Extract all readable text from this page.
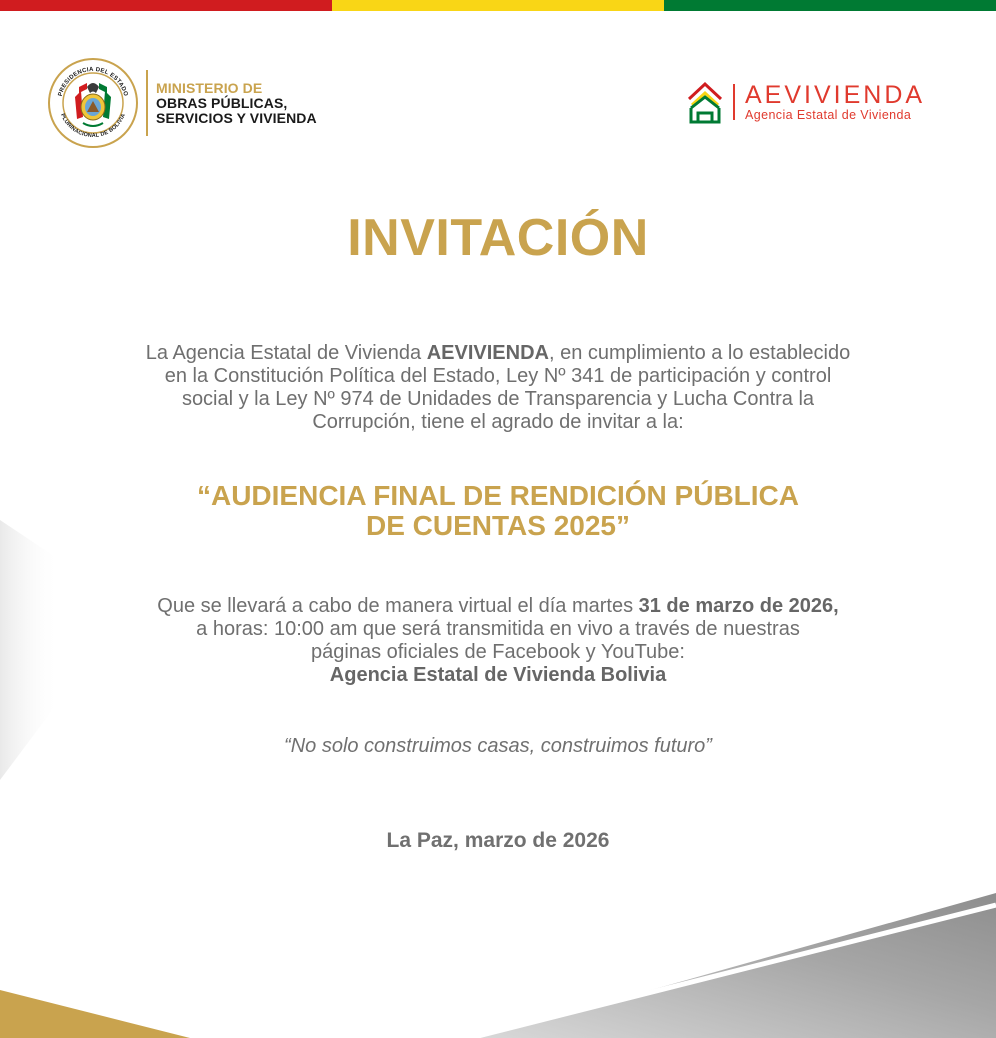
PRESIDENCIA DEL ESTADO
PLURINACIONAL DE BOLIVIA
MINISTERIO DE
OBRAS PÚBLICAS,
SERVICIOS Y VIVIENDA
AEVIVIENDA
Agencia Estatal de Vivienda
INVITACIÓN
La Agencia Estatal de Vivienda AEVIVIENDA, en cumplimiento a lo establecido
en la Constitución Política del Estado, Ley Nº 341 de participación y control
social y la Ley Nº 974 de Unidades de Transparencia y Lucha Contra la
Corrupción, tiene el agrado de invitar a la:
“AUDIENCIA FINAL DE RENDICIÓN PÚBLICA
DE CUENTAS 2025”
Que se llevará a cabo de manera virtual el día martes 31 de marzo de 2026,
a horas: 10:00 am que será transmitida en vivo a través de nuestras
páginas oficiales de Facebook y YouTube:
Agencia Estatal de Vivienda Bolivia
“No solo construimos casas, construimos futuro”
La Paz, marzo de 2026
